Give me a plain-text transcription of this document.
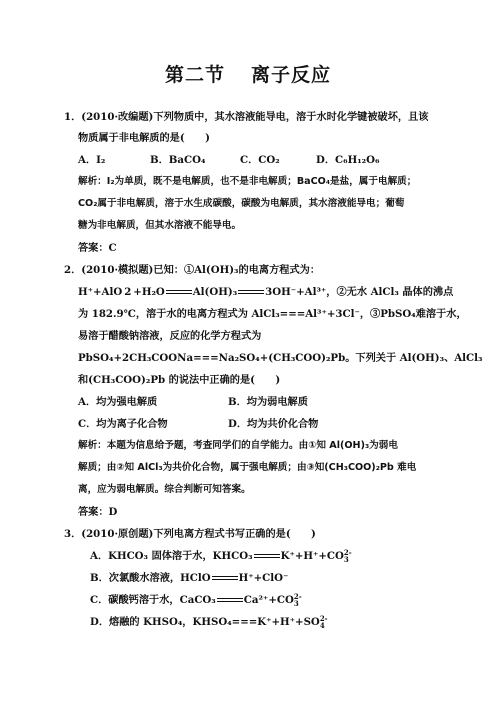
第二节 离子反应
1．(2010·改编题)下列物质中，其水溶液能导电，溶于水时化学键被破坏，且该
物质属于非电解质的是(　　)
A．I₂	B．BaCO₄	C．CO₂	D．C₆H₁₂O₆
解析：I₂为单质，既不是电解质，也不是非电解质；BaCO₄是盐，属于电解质；
CO₂属于非电解质，溶于水生成碳酸，碳酸为电解质，其水溶液能导电；葡萄
糖为非电解质，但其水溶液不能导电。
答案：C
2．(2010·模拟题)已知：①Al(OH)₃的电离方程式为：
H⁺+AlO 2 +H₂O	Al(OH)₃	3OH⁻+Al³⁺，②无水 AlCl₃ 晶体的沸点
为 182.9℃，溶于水的电离方程式为 AlCl₃===Al³⁺+3Cl⁻，③PbSO₄难溶于水，
易溶于醋酸钠溶液，反应的化学方程式为
PbSO₄+2CH₃COONa===Na₂SO₄+(CH₃COO)₂Pb。下列关于 Al(OH)₃、AlCl₃
和(CH₃COO)₂Pb 的说法中正确的是(　　)
A．均为强电解质	B．均为弱电解质
C．均为离子化合物	D．均为共价化合物
解析：本题为信息给予题，考查同学们的自学能力。由①知 Al(OH)₃为弱电
解质；由②知 AlCl₃为共价化合物，属于强电解质；由③知(CH₃COO)₂Pb 难电
离，应为弱电解质。综合判断可知答案。
答案：D
3．(2010·原创题)下列电离方程式书写正确的是(　　)
A．KHCO₃ 固体溶于水，KHCO₃	K⁺+H⁺+CO 2-
3
B．次氯酸水溶液，HClO	H⁺+ClO⁻
C．碳酸钙溶于水，CaCO₃	Ca²⁺+CO 2-
3
D．熔融的 KHSO₄，KHSO₄===K⁺+H⁺+SO 2-
4
